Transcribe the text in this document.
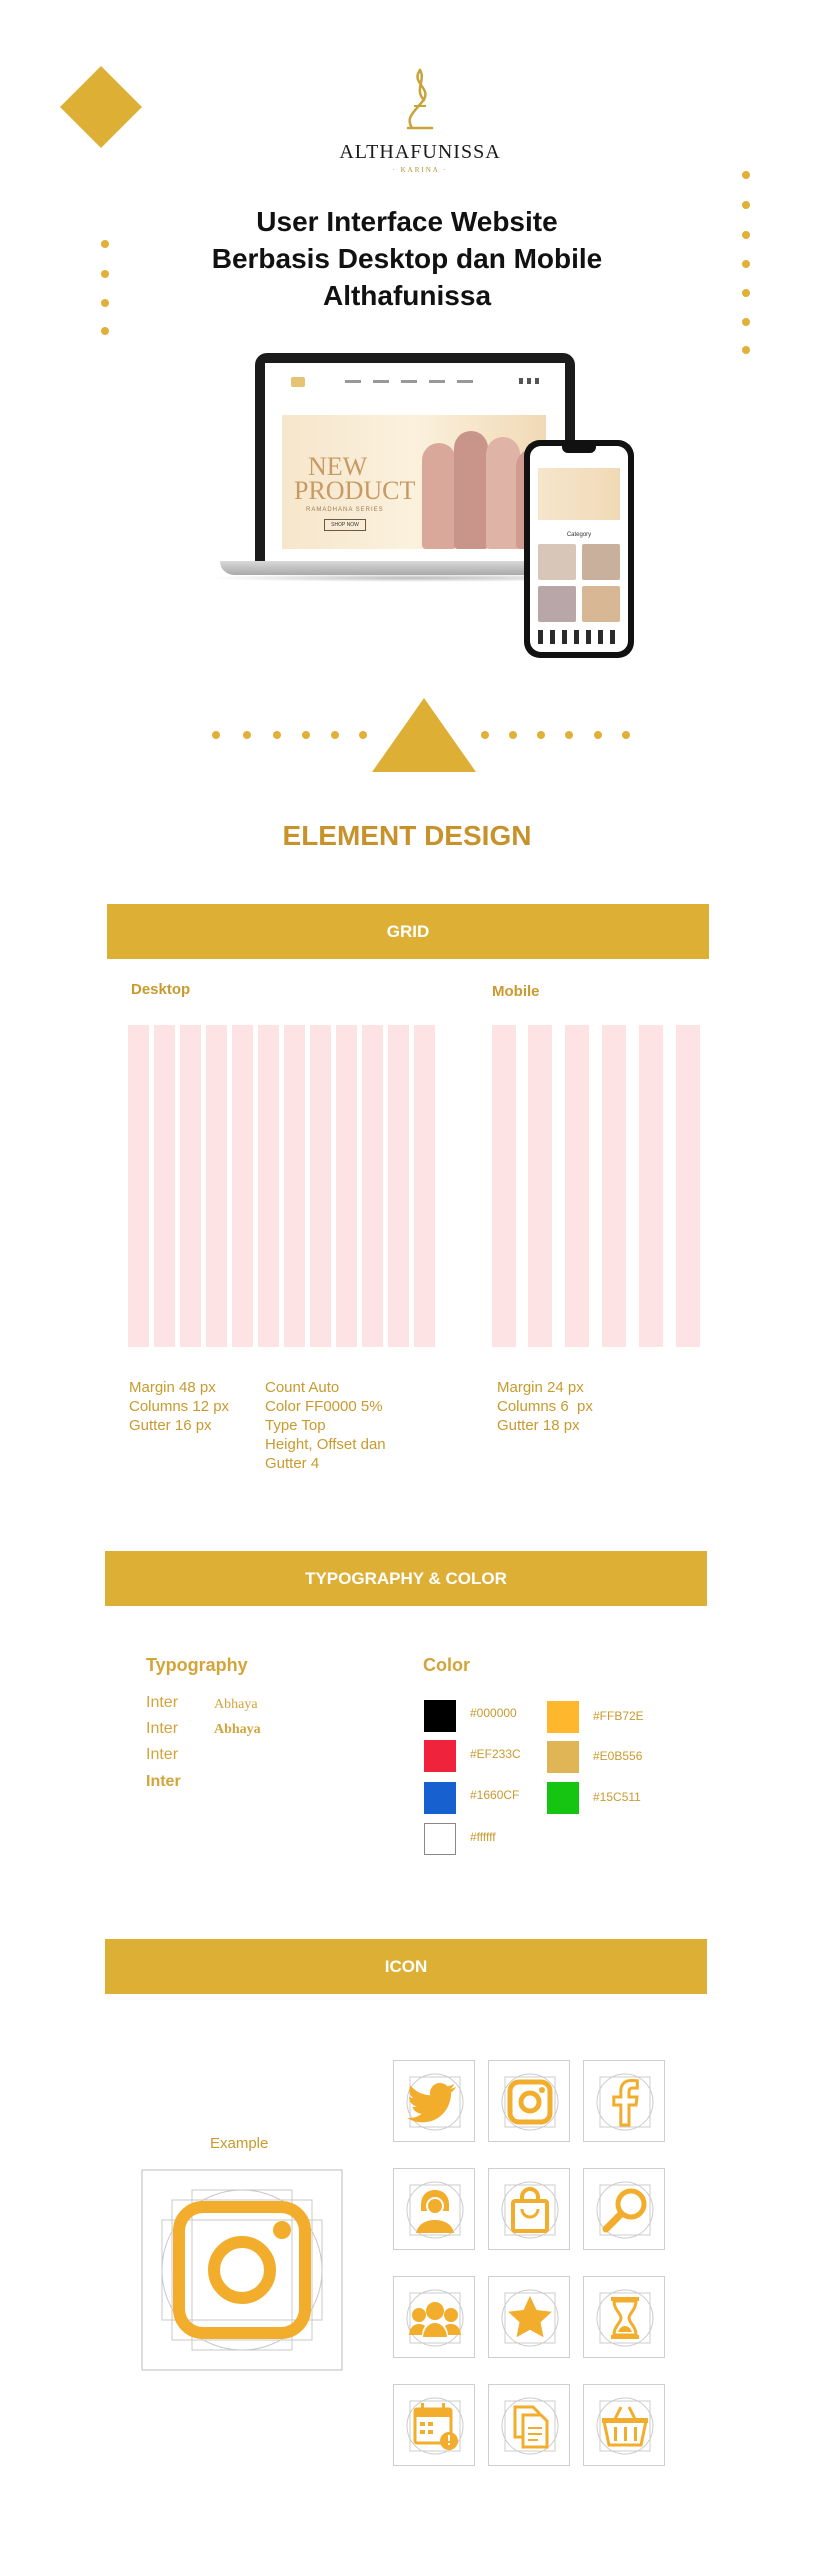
ALTHAFUNISSA
· KARINA ·
User Interface Website
Berbasis Desktop dan Mobile
Althafunissa
NEW
PRODUCT
RAMADHANA SERIES
SHOP NOW
Category
ELEMENT DESIGN
GRID
Desktop	Mobile
Margin 48 px
Columns 12 px
Gutter 16 px
Count Auto
Color FF0000 5%
Type Top
Height, Offset dan
Gutter 4
Margin 24 px
Columns 6  px
Gutter 18 px
TYPOGRAPHY & COLOR
Typography
Inter
Inter
Inter
Inter
Abhaya
Abhaya
Color
#000000	#FFB72E
#EF233C	#E0B556
#1660CF	#15C511
#ffffff
ICON
Example
